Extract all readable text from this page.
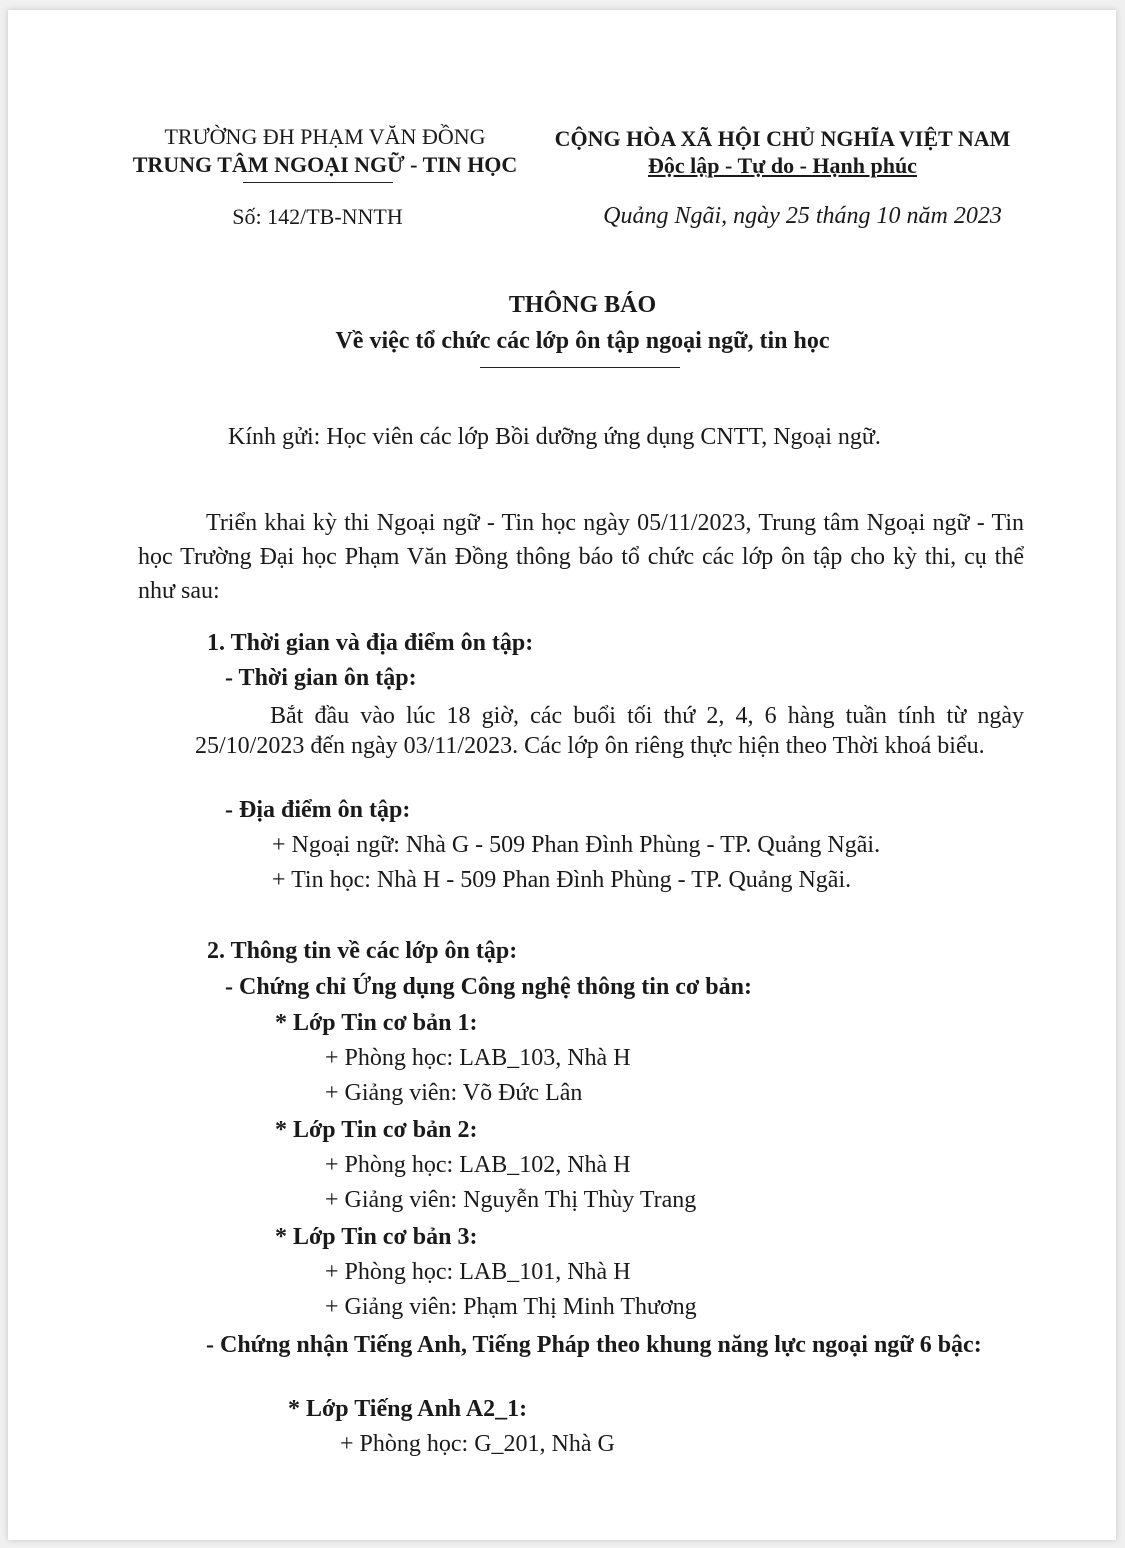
TRƯỜNG ĐH PHẠM VĂN ĐỒNG
TRUNG TÂM NGOẠI NGỮ - TIN HỌC
CỘNG HÒA XÃ HỘI CHỦ NGHĨA VIỆT NAM
Độc lập - Tự do - Hạnh phúc
Số: 142/TB-NNTH	Quảng Ngãi, ngày 25 tháng 10 năm 2023
THÔNG BÁO
Về việc tổ chức các lớp ôn tập ngoại ngữ, tin học
Kính gửi: Học viên các lớp Bồi dưỡng ứng dụng CNTT, Ngoại ngữ.
Triển khai kỳ thi Ngoại ngữ - Tin học ngày 05/11/2023, Trung tâm Ngoại ngữ - Tin học Trường Đại học Phạm Văn Đồng thông báo tổ chức các lớp ôn tập cho kỳ thi, cụ thể như sau:
1. Thời gian và địa điểm ôn tập:
- Thời gian ôn tập:
Bắt đầu vào lúc 18 giờ, các buổi tối thứ 2, 4, 6 hàng tuần tính từ ngày 25/10/2023 đến ngày 03/11/2023. Các lớp ôn riêng thực hiện theo Thời khoá biểu.
- Địa điểm ôn tập:
+ Ngoại ngữ: Nhà G - 509 Phan Đình Phùng - TP. Quảng Ngãi.
+ Tin học: Nhà H - 509 Phan Đình Phùng - TP. Quảng Ngãi.
2. Thông tin về các lớp ôn tập:
- Chứng chỉ Ứng dụng Công nghệ thông tin cơ bản:
* Lớp Tin cơ bản 1:
+ Phòng học: LAB_103, Nhà H
+ Giảng viên: Võ Đức Lân
* Lớp Tin cơ bản 2:
+ Phòng học: LAB_102, Nhà H
+ Giảng viên: Nguyễn Thị Thùy Trang
* Lớp Tin cơ bản 3:
+ Phòng học: LAB_101, Nhà H
+ Giảng viên: Phạm Thị Minh Thương
- Chứng nhận Tiếng Anh, Tiếng Pháp theo khung năng lực ngoại ngữ 6 bậc:
* Lớp Tiếng Anh A2_1:
+ Phòng học: G_201, Nhà G
